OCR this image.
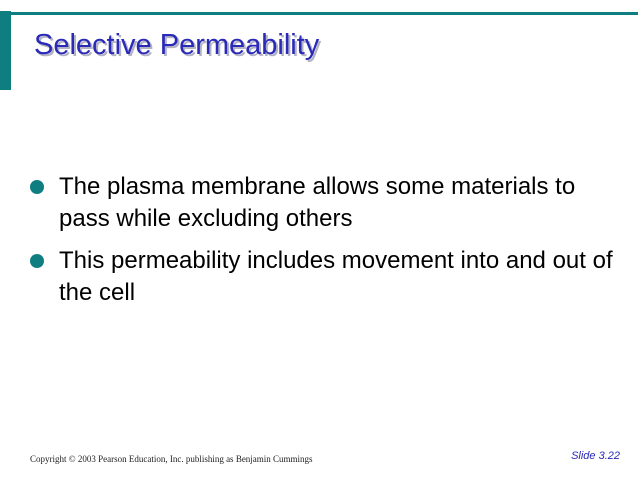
Selective Permeability
The plasma membrane allows some materials to pass while excluding others
This permeability includes movement into and out of the cell
Copyright © 2003 Pearson Education, Inc. publishing as Benjamin Cummings	Slide 3.22
